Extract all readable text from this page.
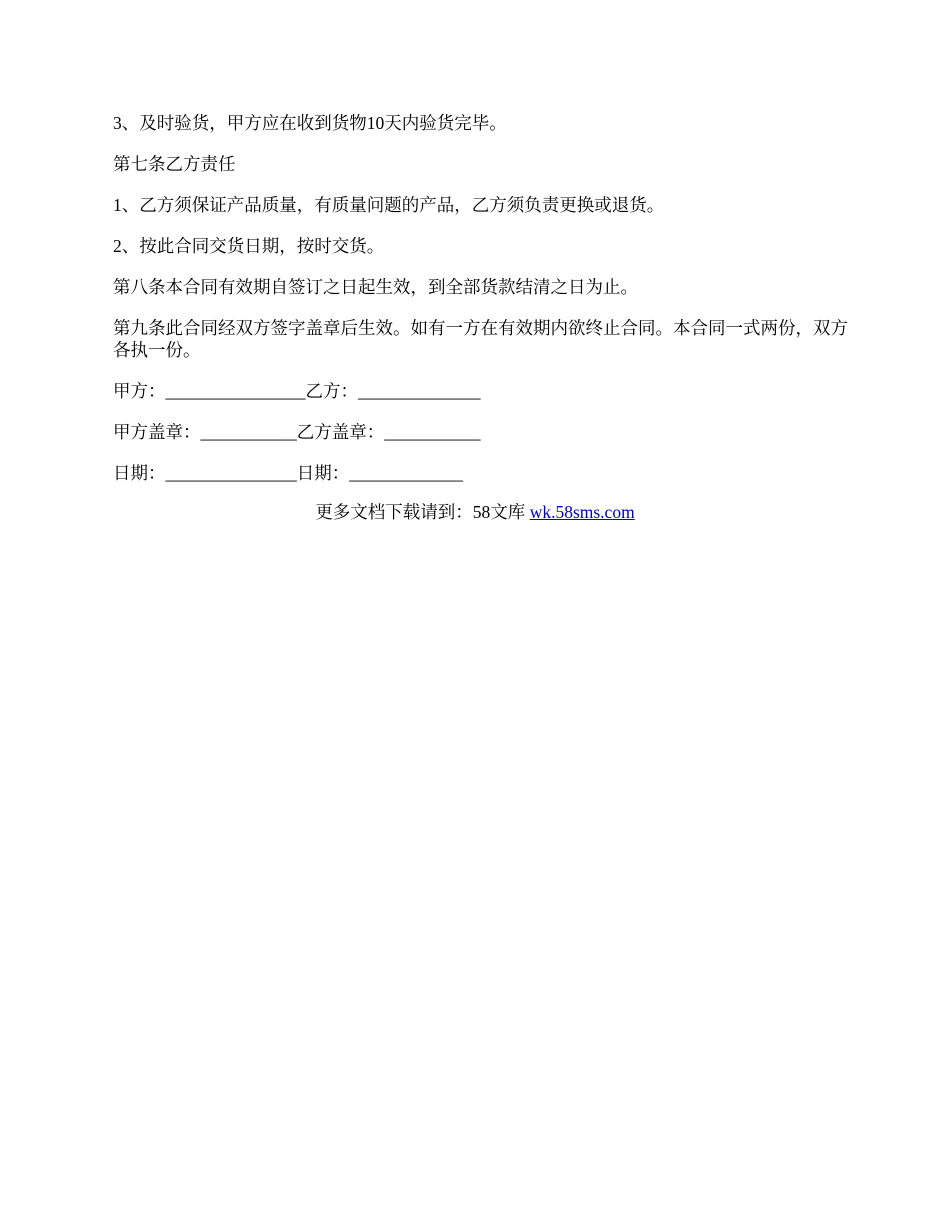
3、及时验货，甲方应在收到货物10天内验货完毕。

第七条乙方责任

1、乙方须保证产品质量，有质量问题的产品，乙方须负责更换或退货。

2、按此合同交货日期，按时交货。

第八条本合同有效期自签订之日起生效，到全部货款结清之日为止。

第九条此合同经双方签字盖章后生效。如有一方在有效期内欲终止合同。本合同一式两份，双方各执一份。

甲方：________________乙方：______________

甲方盖章：___________乙方盖章：___________

日期：_______________日期：_____________

更多文档下载请到：58文库 wk.58sms.com
